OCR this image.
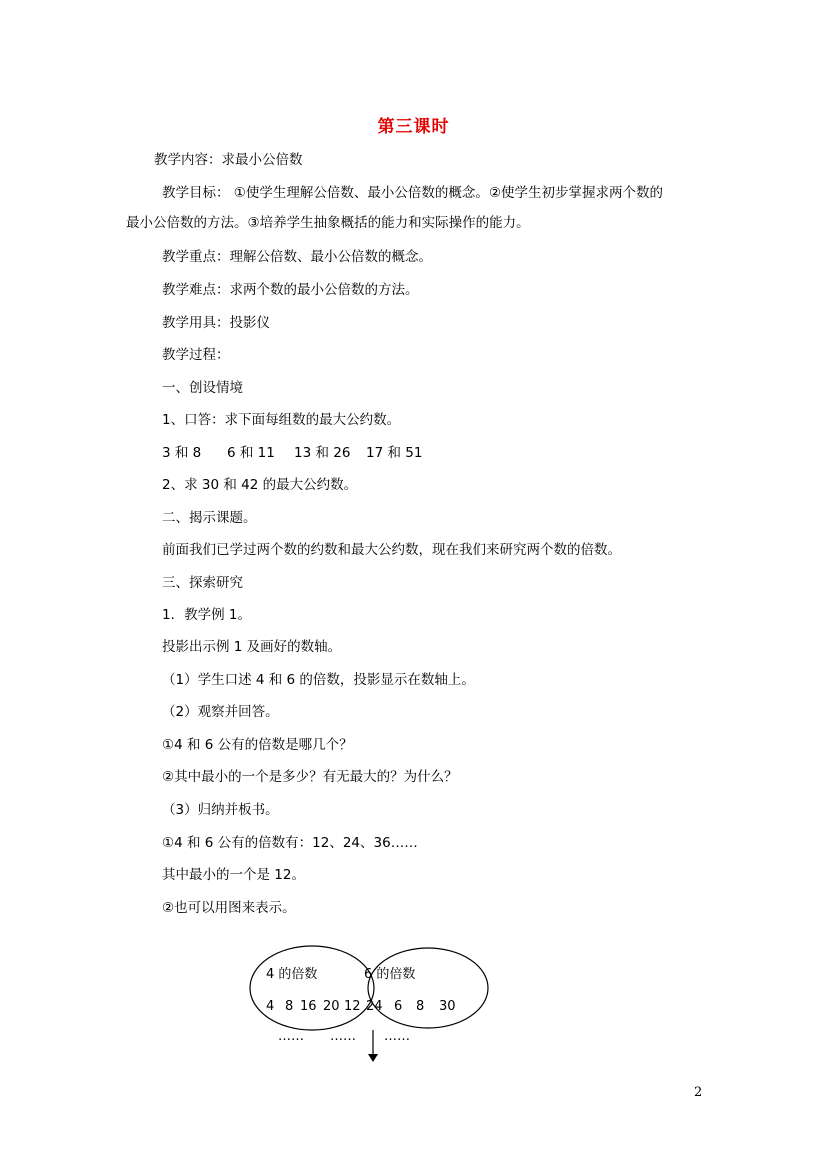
第三课时
教学内容：求最小公倍数
教学目标： ①使学生理解公倍数、最小公倍数的概念。②使学生初步掌握求两个数的
最小公倍数的方法。③培养学生抽象概括的能力和实际操作的能力。
教学重点：理解公倍数、最小公倍数的概念。
教学难点：求两个数的最小公倍数的方法。
教学用具：投影仪
教学过程：
一、创设情境
1、口答：求下面每组数的最大公约数。
3 和 8 6 和 11 13 和 26 17 和 51
2、求 30 和 42 的最大公约数。
二、揭示课题。
前面我们已学过两个数的约数和最大公约数，现在我们来研究两个数的倍数。
三、探索研究
1．教学例 1。
投影出示例 1 及画好的数轴。
（1）学生口述 4 和 6 的倍数，投影显示在数轴上。
（2）观察并回答。
①4 和 6 公有的倍数是哪几个？
②其中最小的一个是多少？有无最大的？为什么？
（3）归纳并板书。
①4 和 6 公有的倍数有：12、24、36……
其中最小的一个是 12。
②也可以用图来表示。
4 的倍数	6 的倍数
4 8 16 20 12 24 6 8 30
…… …… ……
2
